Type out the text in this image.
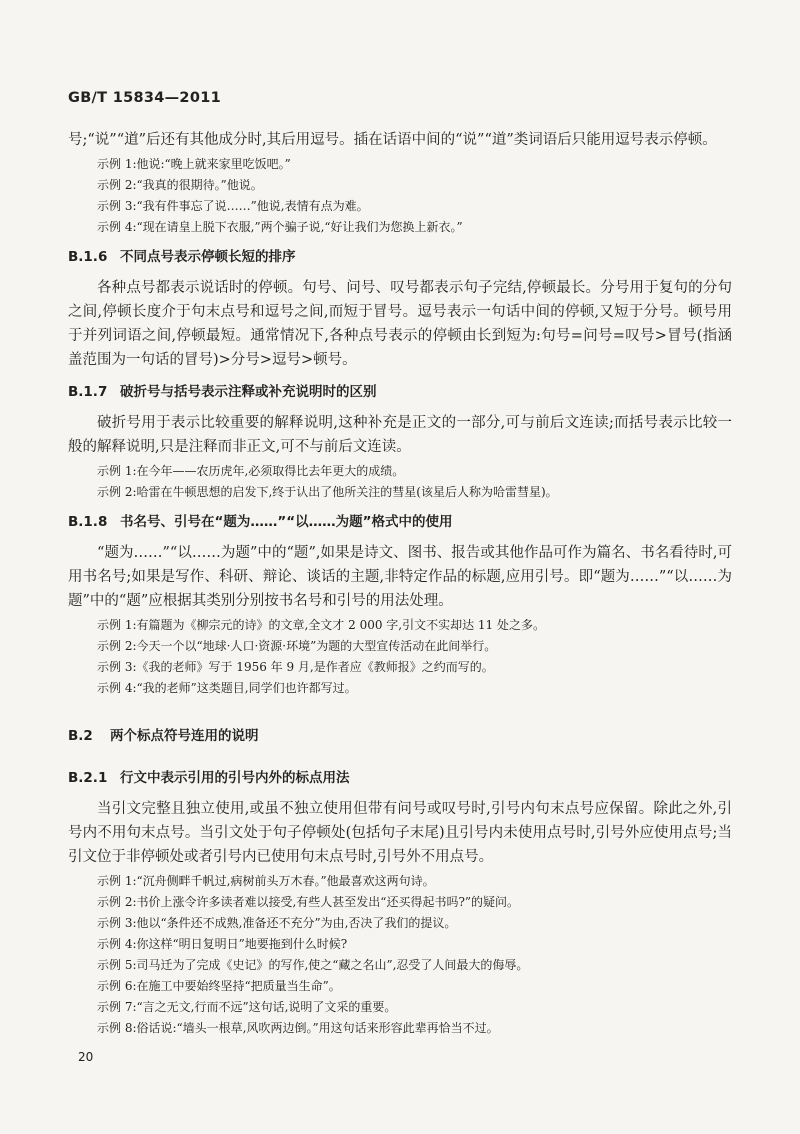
GB/T 15834—2011

号;“说”“道”后还有其他成分时,其后用逗号。插在话语中间的“说”“道”类词语后只能用逗号表示停顿。

示例 1:他说:“晚上就来家里吃饭吧。”
示例 2:“我真的很期待。”他说。
示例 3:“我有件事忘了说……”他说,表情有点为难。
示例 4:“现在请皇上脱下衣服,”两个骗子说,“好让我们为您换上新衣。”
B.1.6 不同点号表示停顿长短的排序

各种点号都表示说话时的停顿。句号、问号、叹号都表示句子完结,停顿最长。分号用于复句的分句之间,停顿长度介于句末点号和逗号之间,而短于冒号。逗号表示一句话中间的停顿,又短于分号。顿号用于并列词语之间,停顿最短。通常情况下,各种点号表示的停顿由长到短为:句号=问号=叹号>冒号(指涵盖范围为一句话的冒号)>分号>逗号>顿号。

B.1.7 破折号与括号表示注释或补充说明时的区别

破折号用于表示比较重要的解释说明,这种补充是正文的一部分,可与前后文连读;而括号表示比较一般的解释说明,只是注释而非正文,可不与前后文连读。

示例 1:在今年——农历虎年,必须取得比去年更大的成绩。
示例 2:哈雷在牛顿思想的启发下,终于认出了他所关注的彗星(该星后人称为哈雷彗星)。
B.1.8 书名号、引号在“题为……”“以……为题”格式中的使用

“题为……”“以……为题”中的“题”,如果是诗文、图书、报告或其他作品可作为篇名、书名看待时,可用书名号;如果是写作、科研、辩论、谈话的主题,非特定作品的标题,应用引号。即“题为……”“以……为题”中的“题”应根据其类别分别按书名号和引号的用法处理。

示例 1:有篇题为《柳宗元的诗》的文章,全文才 2 000 字,引文不实却达 11 处之多。
示例 2:今天一个以“地球·人口·资源·环境”为题的大型宣传活动在此间举行。
示例 3:《我的老师》写于 1956 年 9 月,是作者应《教师报》之约而写的。
示例 4:“我的老师”这类题目,同学们也许都写过。
B.2 两个标点符号连用的说明
B.2.1 行文中表示引用的引号内外的标点用法

当引文完整且独立使用,或虽不独立使用但带有问号或叹号时,引号内句末点号应保留。除此之外,引号内不用句末点号。当引文处于句子停顿处(包括句子末尾)且引号内未使用点号时,引号外应使用点号;当引文位于非停顿处或者引号内已使用句末点号时,引号外不用点号。

示例 1:“沉舟侧畔千帆过,病树前头万木春。”他最喜欢这两句诗。
示例 2:书价上涨令许多读者难以接受,有些人甚至发出“还买得起书吗?”的疑问。
示例 3:他以“条件还不成熟,准备还不充分”为由,否决了我们的提议。
示例 4:你这样“明日复明日”地要拖到什么时候?
示例 5:司马迁为了完成《史记》的写作,使之“藏之名山”,忍受了人间最大的侮辱。
示例 6:在施工中要始终坚持“把质量当生命”。
示例 7:“言之无文,行而不远”这句话,说明了文采的重要。
示例 8:俗话说:“墙头一根草,风吹两边倒。”用这句话来形容此辈再恰当不过。
20
